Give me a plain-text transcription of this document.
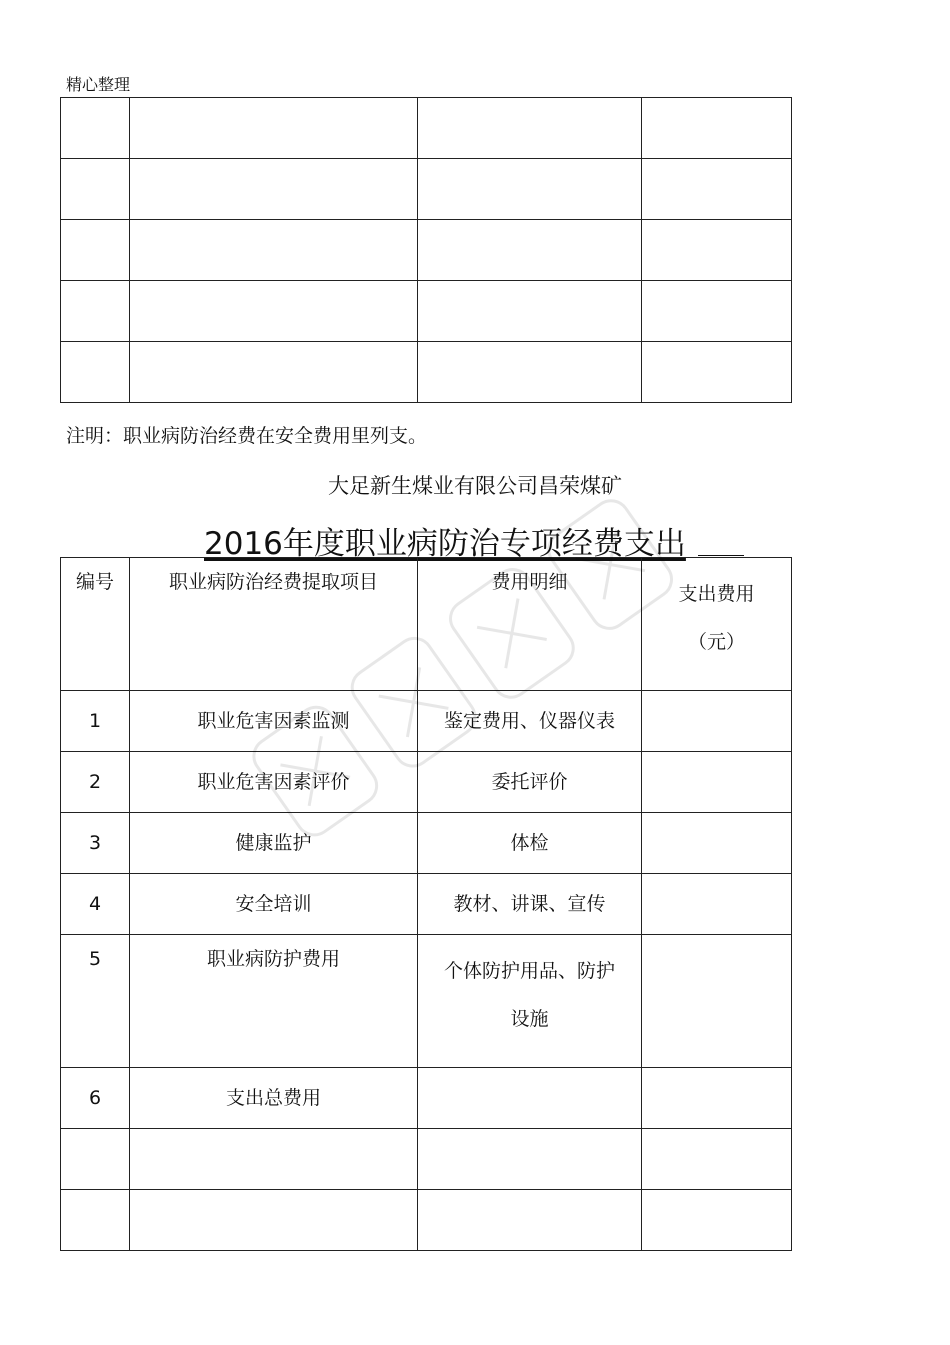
精心整理

注明：职业病防治经费在安全费用里列支。
大足新生煤业有限公司昌荣煤矿
2016年度职业病防治专项经费支出
编号	职业病防治经费提取项目	费用明细	支出费用

（元）

1	职业危害因素监测	鉴定费用、仪器仪表	
2	职业危害因素评价	委托评价	
3	健康监护	体检	
4	安全培训	教材、讲课、宣传	
5	职业病防护费用	个体防护用品、防护

设施	

6	支出总费用		
